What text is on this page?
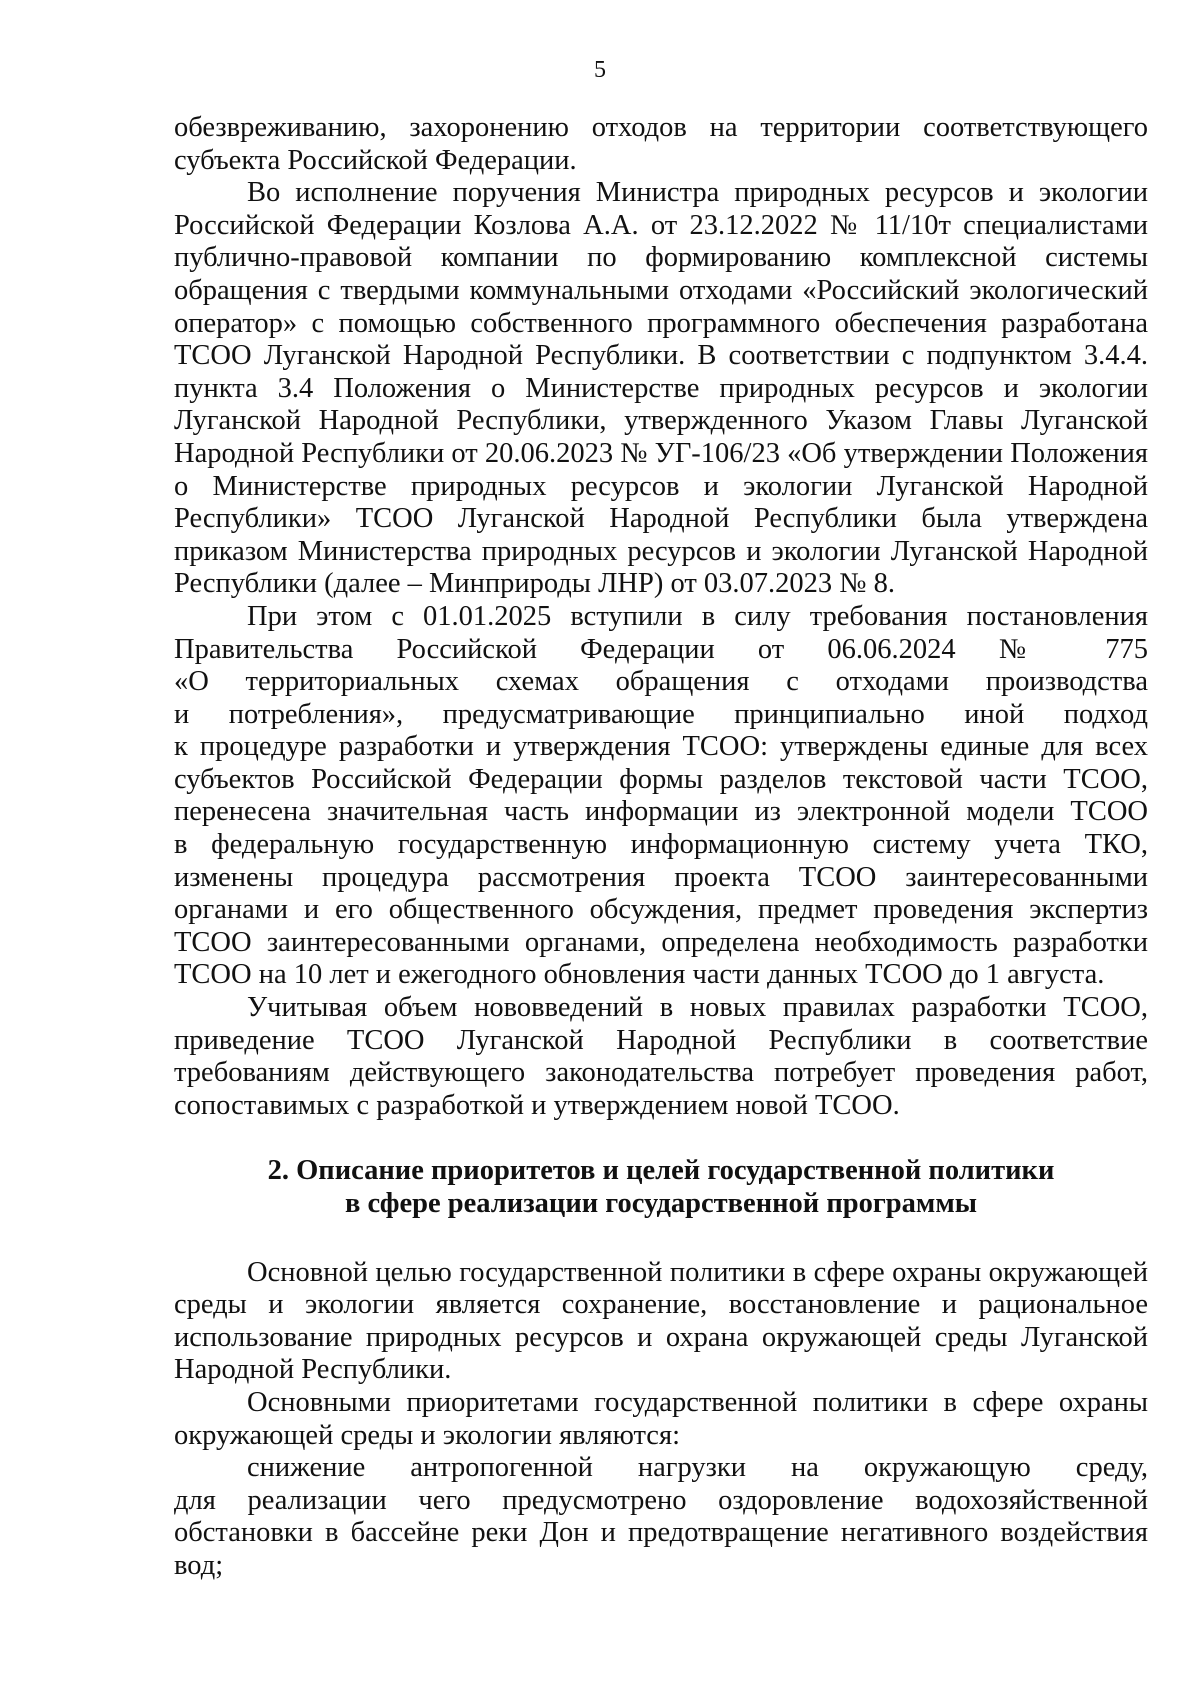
5
обезвреживанию, захоронению отходов на территории соответствующего
субъекта Российской Федерации.
Во исполнение поручения Министра природных ресурсов и экологии
Российской Федерации Козлова А.А. от 23.12.2022 № 11/10т специалистами
публично-правовой компании по формированию комплексной системы
обращения с твердыми коммунальными отходами «Российский экологический
оператор» с помощью собственного программного обеспечения разработана
ТСОО Луганской Народной Республики. В соответствии с подпунктом 3.4.4.
пункта 3.4 Положения о Министерстве природных ресурсов и экологии
Луганской Народной Республики, утвержденного Указом Главы Луганской
Народной Республики от 20.06.2023 № УГ-106/23 «Об утверждении Положения
о Министерстве природных ресурсов и экологии Луганской Народной
Республики» ТСОО Луганской Народной Республики была утверждена
приказом Министерства природных ресурсов и экологии Луганской Народной
Республики (далее – Минприроды ЛНР) от 03.07.2023 № 8.
При этом с 01.01.2025 вступили в силу требования постановления
Правительства Российской Федерации от 06.06.2024 № 775
«О территориальных схемах обращения с отходами производства
и потребления», предусматривающие принципиально иной подход
к процедуре разработки и утверждения ТСОО: утверждены единые для всех
субъектов Российской Федерации формы разделов текстовой части ТСОО,
перенесена значительная часть информации из электронной модели ТСОО
в федеральную государственную информационную систему учета ТКО,
изменены процедура рассмотрения проекта ТСОО заинтересованными
органами и его общественного обсуждения, предмет проведения экспертиз
ТСОО заинтересованными органами, определена необходимость разработки
ТСОО на 10 лет и ежегодного обновления части данных ТСОО до 1 августа.
Учитывая объем нововведений в новых правилах разработки ТСОО,
приведение ТСОО Луганской Народной Республики в соответствие
требованиям действующего законодательства потребует проведения работ,
сопоставимых с разработкой и утверждением новой ТСОО.
2. Описание приоритетов и целей государственной политики
в сфере реализации государственной программы
Основной целью государственной политики в сфере охраны окружающей
среды и экологии является сохранение, восстановление и рациональное
использование природных ресурсов и охрана окружающей среды Луганской
Народной Республики.
Основными приоритетами государственной политики в сфере охраны
окружающей среды и экологии являются:
снижение антропогенной нагрузки на окружающую среду,
для реализации чего предусмотрено оздоровление водохозяйственной
обстановки в бассейне реки Дон и предотвращение негативного воздействия
вод;
